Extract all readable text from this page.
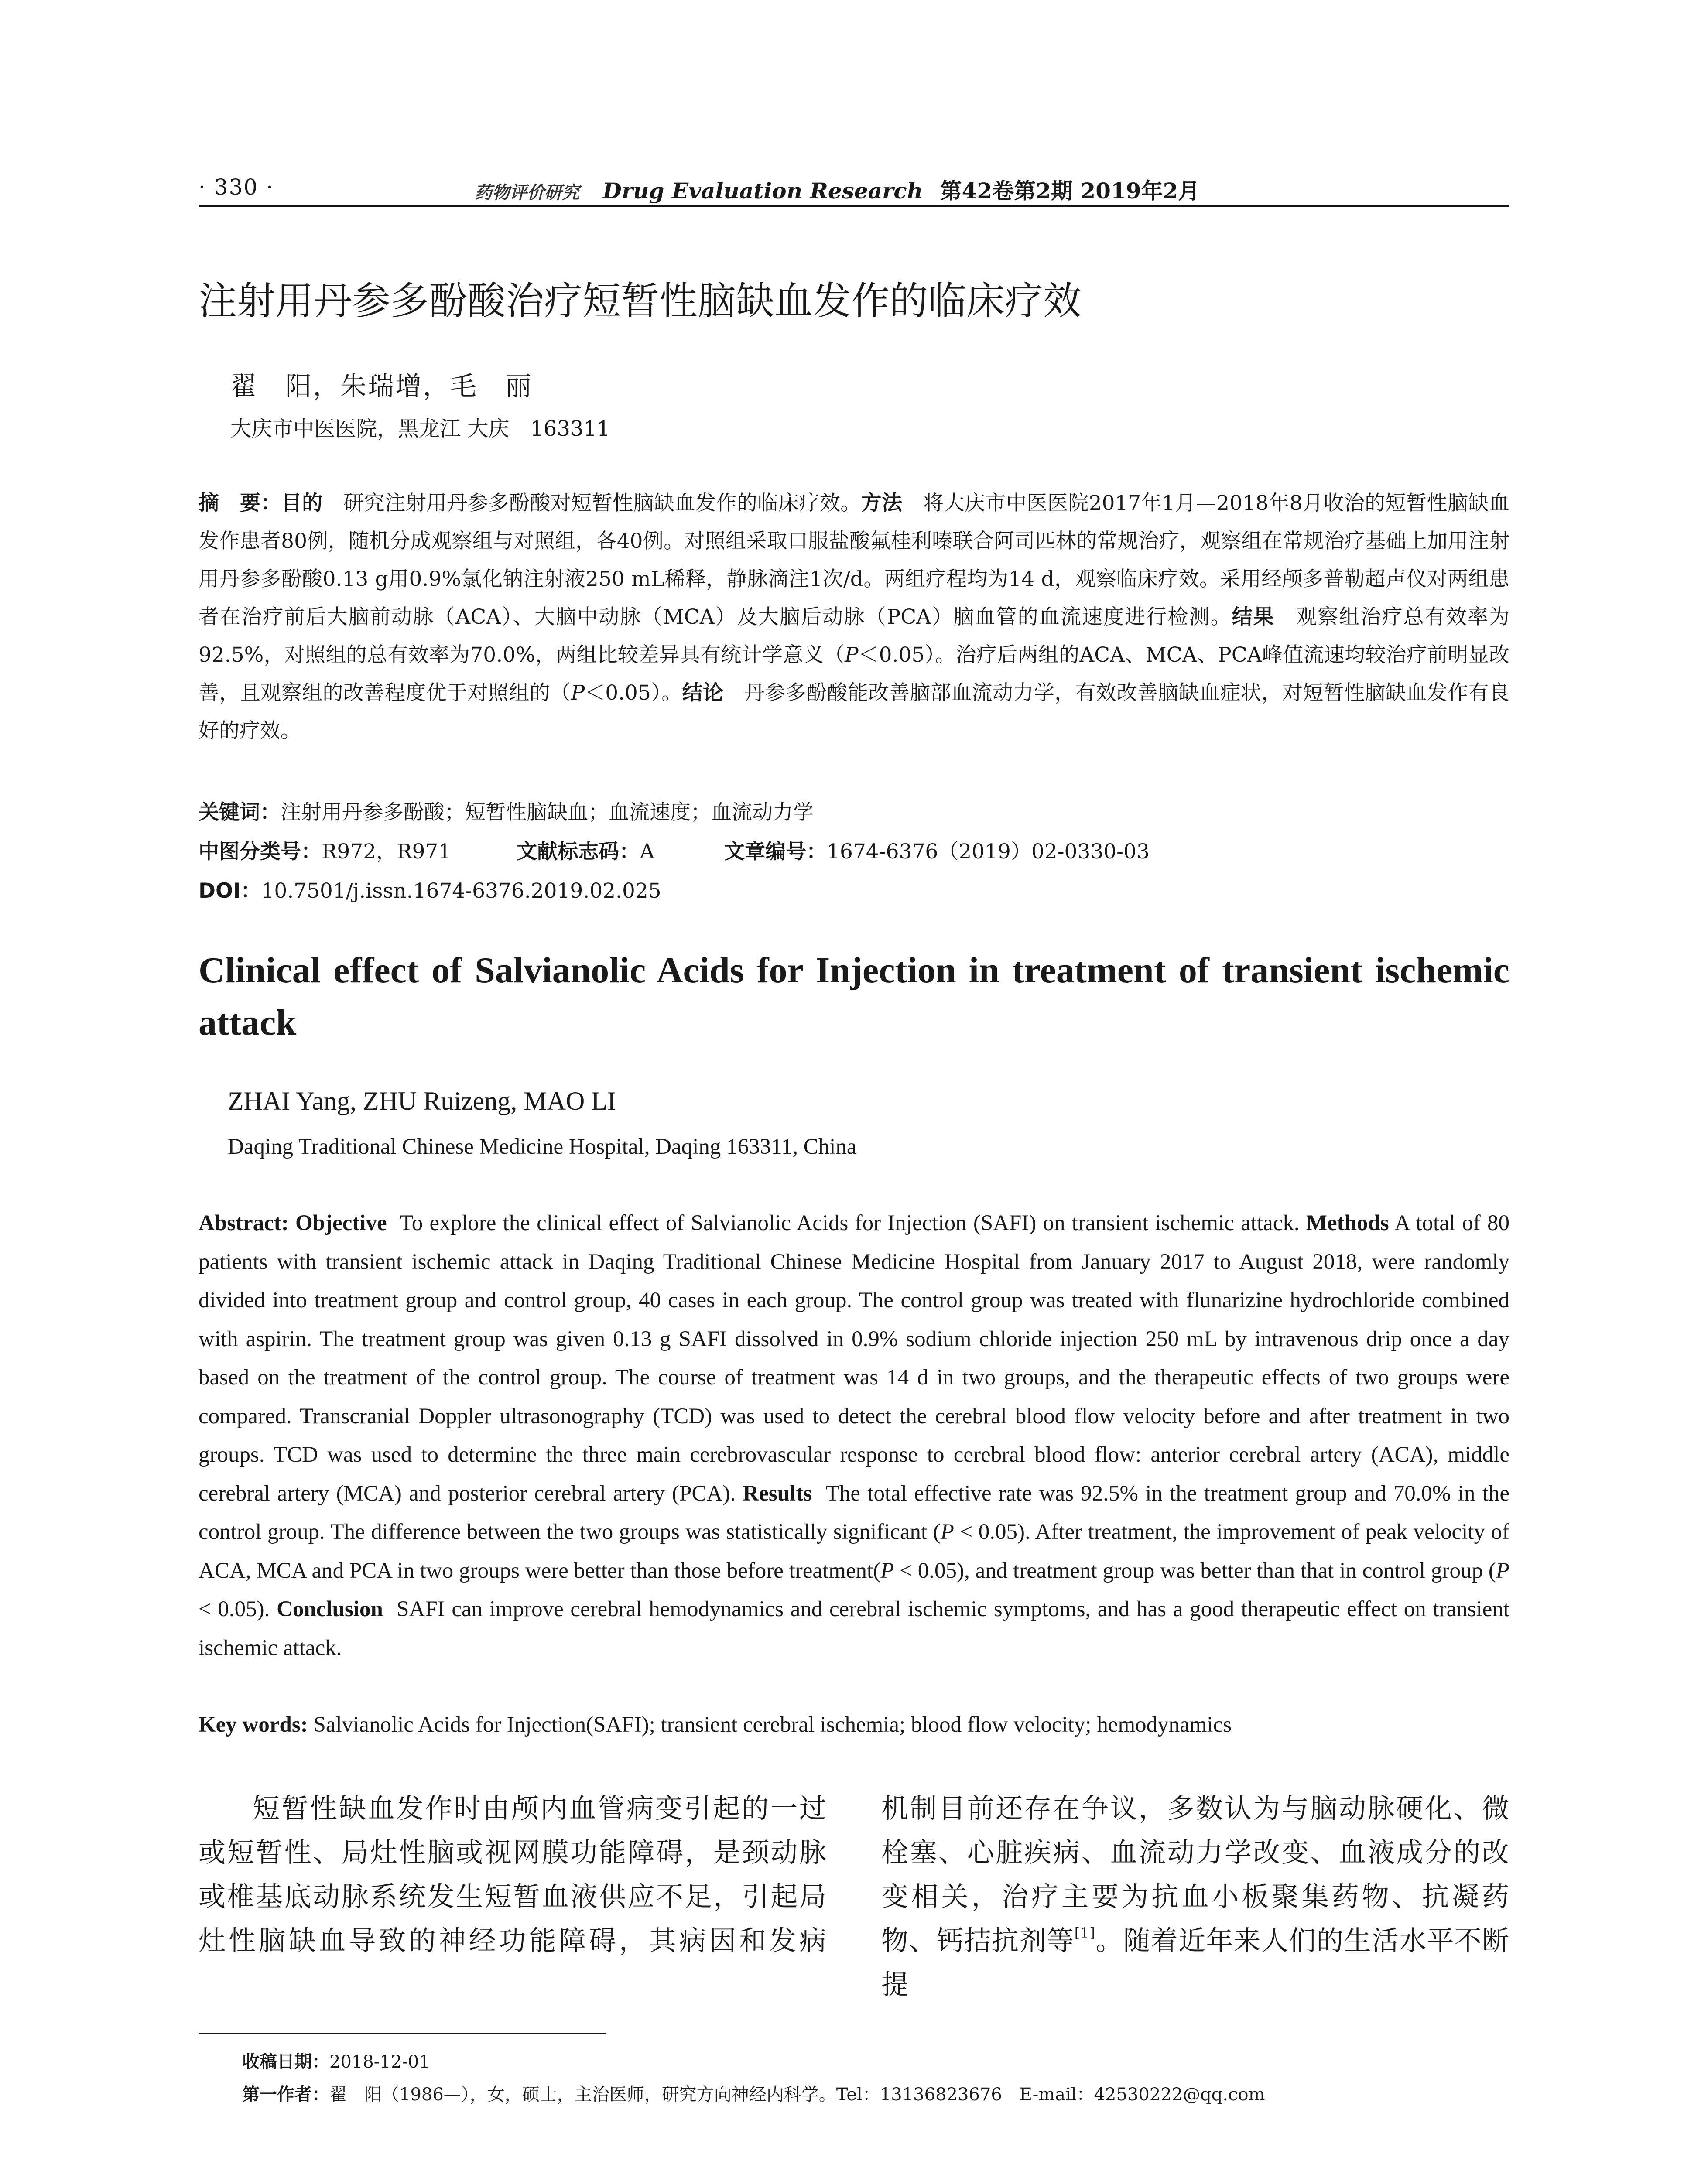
· 330 ·	药物评价研究 Drug Evaluation Research 第42卷第2期 2019年2月
注射用丹参多酚酸治疗短暂性脑缺血发作的临床疗效
翟　阳，朱瑞增，毛　丽
大庆市中医医院，黑龙江 大庆　163311
摘　要：目的　 研究注射用丹参多酚酸对短暂性脑缺血发作的临床疗效。方法　 将大庆市中医医院2017年1月—2018年8月收治的短暂性脑缺血发作患者80例，随机分成观察组与对照组，各40例。对照组采取口服盐酸氟桂利嗪联合阿司匹林的常规治疗，观察组在常规治疗基础上加用注射用丹参多酚酸0.13 g用0.9%氯化钠注射液250 mL稀释，静脉滴注1次/d。两组疗程均为14 d，观察临床疗效。采用经颅多普勒超声仪对两组患者在治疗前后大脑前动脉（ACA）、大脑中动脉（MCA）及大脑后动脉（PCA）脑血管的血流速度进行检测。结果　 观察组治疗总有效率为92.5%，对照组的总有效率为70.0%，两组比较差异具有统计学意义（P＜0.05）。治疗后两组的ACA、MCA、PCA峰值流速均较治疗前明显改善，且观察组的改善程度优于对照组的（P＜0.05）。结论　 丹参多酚酸能改善脑部血流动力学，有效改善脑缺血症状，对短暂性脑缺血发作有良好的疗效。
关键词：注射用丹参多酚酸；短暂性脑缺血；血流速度；血流动力学
中图分类号：R972，R971	文献标志码：A	文章编号：1674-6376（2019）02-0330-03
DOI：10.7501/j.issn.1674-6376.2019.02.025
Clinical effect of Salvianolic Acids for Injection in treatment of transient ischemic attack
ZHAI Yang, ZHU Ruizeng, MAO LI
Daqing Traditional Chinese Medicine Hospital, Daqing 163311, China
Abstract: Objective To explore the clinical effect of Salvianolic Acids for Injection (SAFI) on transient ischemic attack. Methods A total of 80 patients with transient ischemic attack in Daqing Traditional Chinese Medicine Hospital from January 2017 to August 2018, were randomly divided into treatment group and control group, 40 cases in each group. The control group was treated with flunarizine hydrochloride combined with aspirin. The treatment group was given 0.13 g SAFI dissolved in 0.9% sodium chloride injection 250 mL by intravenous drip once a day based on the treatment of the control group. The course of treatment was 14 d in two groups, and the therapeutic effects of two groups were compared. Transcranial Doppler ultrasonography (TCD) was used to detect the cerebral blood flow velocity before and after treatment in two groups. TCD was used to determine the three main cerebrovascular response to cerebral blood flow: anterior cerebral artery (ACA), middle cerebral artery (MCA) and posterior cerebral artery (PCA). Results The total effective rate was 92.5% in the treatment group and 70.0% in the control group. The difference between the two groups was statistically significant (P < 0.05). After treatment, the improvement of peak velocity of ACA, MCA and PCA in two groups were better than those before treatment(P < 0.05), and treatment group was better than that in control group (P < 0.05). Conclusion SAFI can improve cerebral hemodynamics and cerebral ischemic symptoms, and has a good therapeutic effect on transient ischemic attack.
Key words: Salvianolic Acids for Injection(SAFI); transient cerebral ischemia; blood flow velocity; hemodynamics

短暂性缺血发作时由颅内血管病变引起的一过或短暂性、局灶性脑或视网膜功能障碍，是颈动脉或椎基底动脉系统发生短暂血液供应不足，引起局灶性脑缺血导致的神经功能障碍，其病因和发病

机制目前还存在争议，多数认为与脑动脉硬化、微栓塞、心脏疾病、血流动力学改变、血液成分的改变相关，治疗主要为抗血小板聚集药物、抗凝药物、钙拮抗剂等[1]。随着近年来人们的生活水平不断提

收稿日期：2018-12-01
第一作者：翟　阳（1986—），女，硕士，主治医师，研究方向神经内科学。Tel：13136823676　E-mail：42530222@qq.com
